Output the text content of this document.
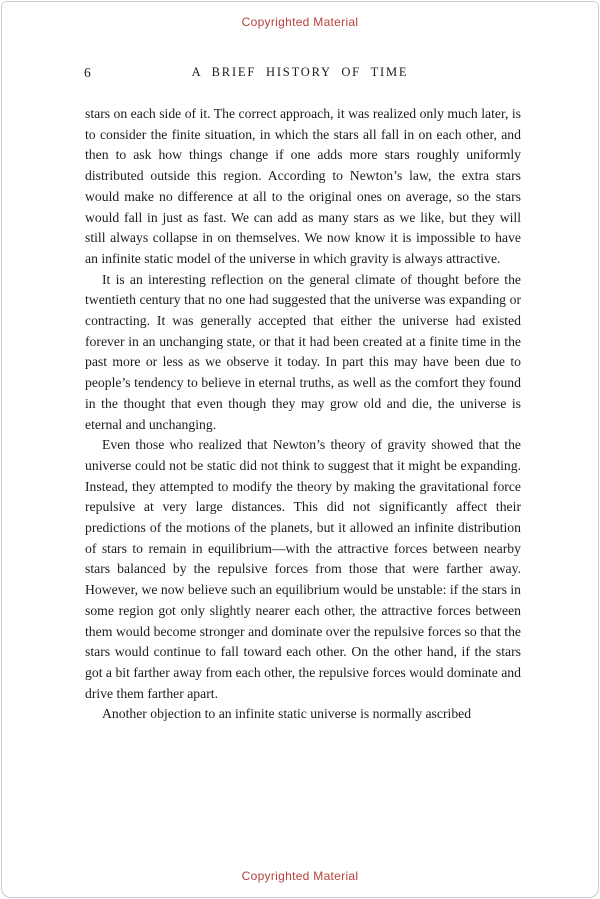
Copyrighted Material
6	A BRIEF HISTORY OF TIME

stars on each side of it. The correct approach, it was realized only much later, is to consider the finite situation, in which the stars all fall in on each other, and then to ask how things change if one adds more stars roughly uniformly distributed outside this region. According to Newton’s law, the extra stars would make no difference at all to the original ones on average, so the stars would fall in just as fast. We can add as many stars as we like, but they will still always collapse in on themselves. We now know it is impossible to have an infinite static model of the universe in which gravity is always attractive.

It is an interesting reflection on the general climate of thought before the twentieth century that no one had suggested that the universe was expanding or contracting. It was generally accepted that either the universe had existed forever in an unchanging state, or that it had been created at a finite time in the past more or less as we observe it today. In part this may have been due to people’s tendency to believe in eternal truths, as well as the comfort they found in the thought that even though they may grow old and die, the universe is eternal and unchanging.

Even those who realized that Newton’s theory of gravity showed that the universe could not be static did not think to suggest that it might be expanding. Instead, they attempted to modify the theory by making the gravitational force repulsive at very large distances. This did not significantly affect their predictions of the motions of the planets, but it allowed an infinite distribution of stars to remain in equilibrium—with the attractive forces between nearby stars balanced by the repulsive forces from those that were farther away. However, we now believe such an equilibrium would be unstable: if the stars in some region got only slightly nearer each other, the attractive forces between them would become stronger and dominate over the repulsive forces so that the stars would continue to fall toward each other. On the other hand, if the stars got a bit farther away from each other, the repulsive forces would dominate and drive them farther apart.

Another objection to an infinite static universe is normally ascribed

Copyrighted Material
